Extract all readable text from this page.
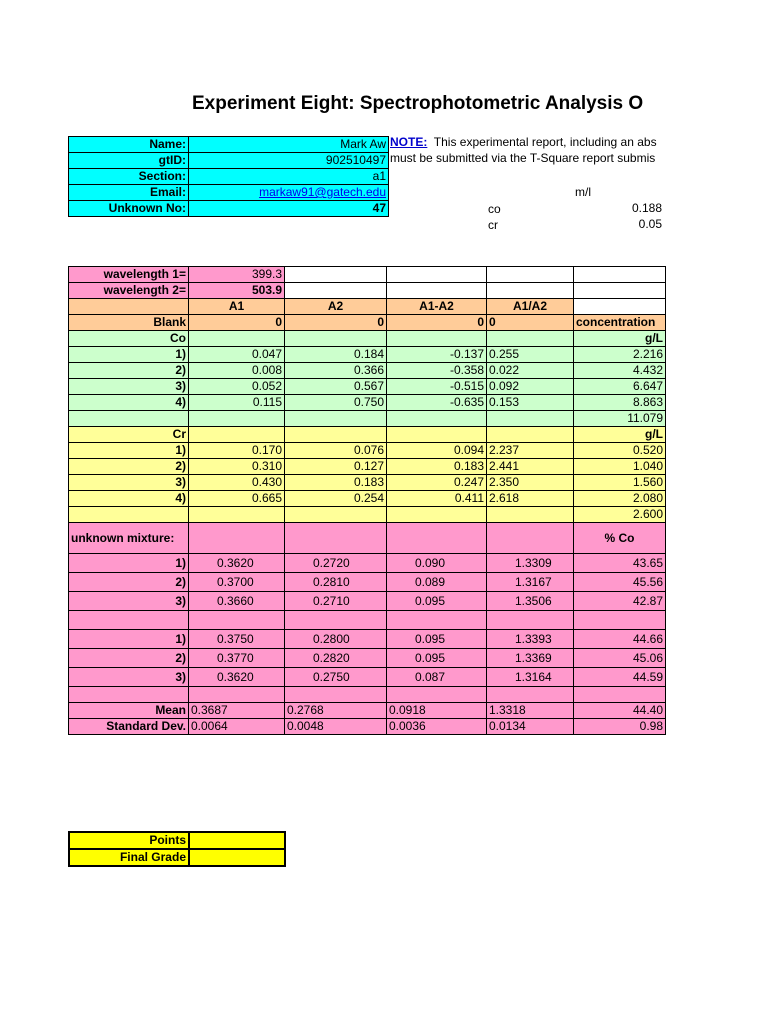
Experiment Eight: Spectrophotometric Analysis O
Name:	Mark Aw
gtID:	902510497
Section:	a1
Email:	markaw91@gatech.edu
Unknown No:	47
NOTE: This experimental report, including an abs
must be submitted via the T-Square report submis
m/l
co	0.188
cr	0.05
wavelength 1=	399.3				
wavelength 2=	503.9				
	A1	A2	A1-A2	A1/A2	
Blank	0	0	0	0	concentration
Co					g/L
1)	0.047	0.184	-0.137	0.255	2.216
2)	0.008	0.366	-0.358	0.022	4.432
3)	0.052	0.567	-0.515	0.092	6.647
4)	0.115	0.750	-0.635	0.153	8.863
					11.079
Cr					g/L
1)	0.170	0.076	0.094	2.237	0.520
2)	0.310	0.127	0.183	2.441	1.040
3)	0.430	0.183	0.247	2.350	1.560
4)	0.665	0.254	0.411	2.618	2.080
					2.600
unknown mixture:					% Co
1)	0.3620	0.2720	0.090	1.3309	43.65
2)	0.3700	0.2810	0.089	1.3167	45.56
3)	0.3660	0.2710	0.095	1.3506	42.87

1)	0.3750	0.2800	0.095	1.3393	44.66
2)	0.3770	0.2820	0.095	1.3369	45.06
3)	0.3620	0.2750	0.087	1.3164	44.59

Mean	0.3687	0.2768	0.0918	1.3318	44.40
Standard Dev.	0.0064	0.0048	0.0036	0.0134	0.98
Points	
Final Grade	
